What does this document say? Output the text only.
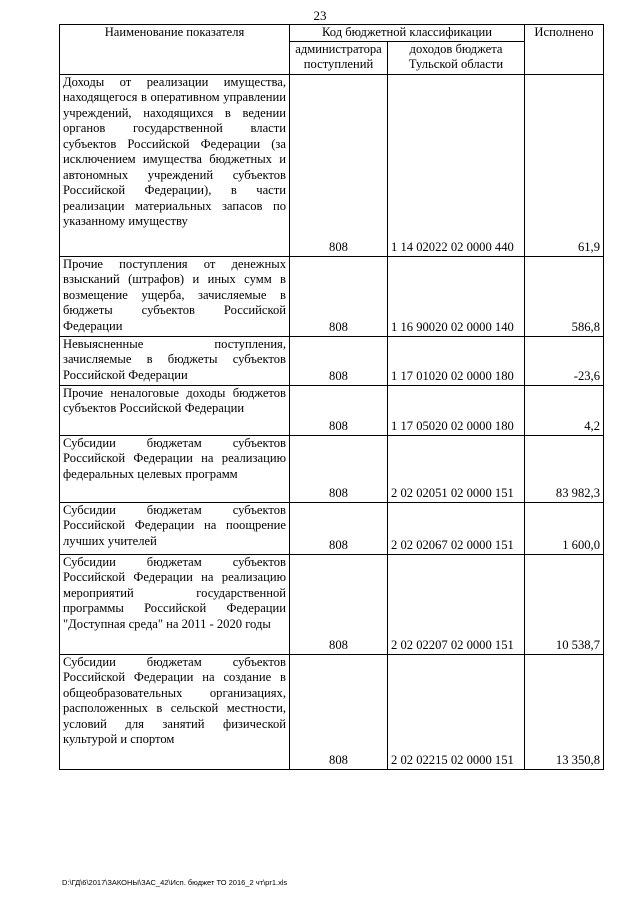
23
Наименование показателя	Код бюджетной классификации		Исполнено
	администратора поступлений	доходов бюджета Тульской области	
Доходы от реализации имущества, находящегося в оперативном управлении учреждений, находящихся в ведении органов государственной власти субъектов Российской Федерации (за исключением имущества бюджетных и автономных учреждений субъектов Российской Федерации), в части реализации материальных запасов по указанному имуществу	808	1 14 02022 02 0000 440	61,9
Прочие поступления от денежных взысканий (штрафов) и иных сумм в возмещение ущерба, зачисляемые в бюджеты субъектов Российской Федерации	808	1 16 90020 02 0000 140	586,8
Невыясненные поступления, зачисляемые в бюджеты субъектов Российской Федерации	808	1 17 01020 02 0000 180	-23,6
Прочие неналоговые доходы бюджетов субъектов Российской Федерации	808	1 17 05020 02 0000 180	4,2
Субсидии бюджетам субъектов Российской Федерации на реализацию федеральных целевых программ	808	2 02 02051 02 0000 151	83 982,3
Субсидии бюджетам субъектов Российской Федерации на поощрение лучших учителей	808	2 02 02067 02 0000 151	1 600,0
Субсидии бюджетам субъектов Российской Федерации на реализацию мероприятий государственной программы Российской Федерации "Доступная среда" на 2011 - 2020 годы	808	2 02 02207 02 0000 151	10 538,7
Субсидии бюджетам субъектов Российской Федерации на создание в общеобразовательных организациях, расположенных в сельской местности, условий для занятий физической культурой и спортом	808	2 02 02215 02 0000 151	13 350,8
D:\ГД\6\2017\ЗАКОНЫ\ЗАС_42\Исп. бюджет ТО 2016_2 чт\pr1.xls
